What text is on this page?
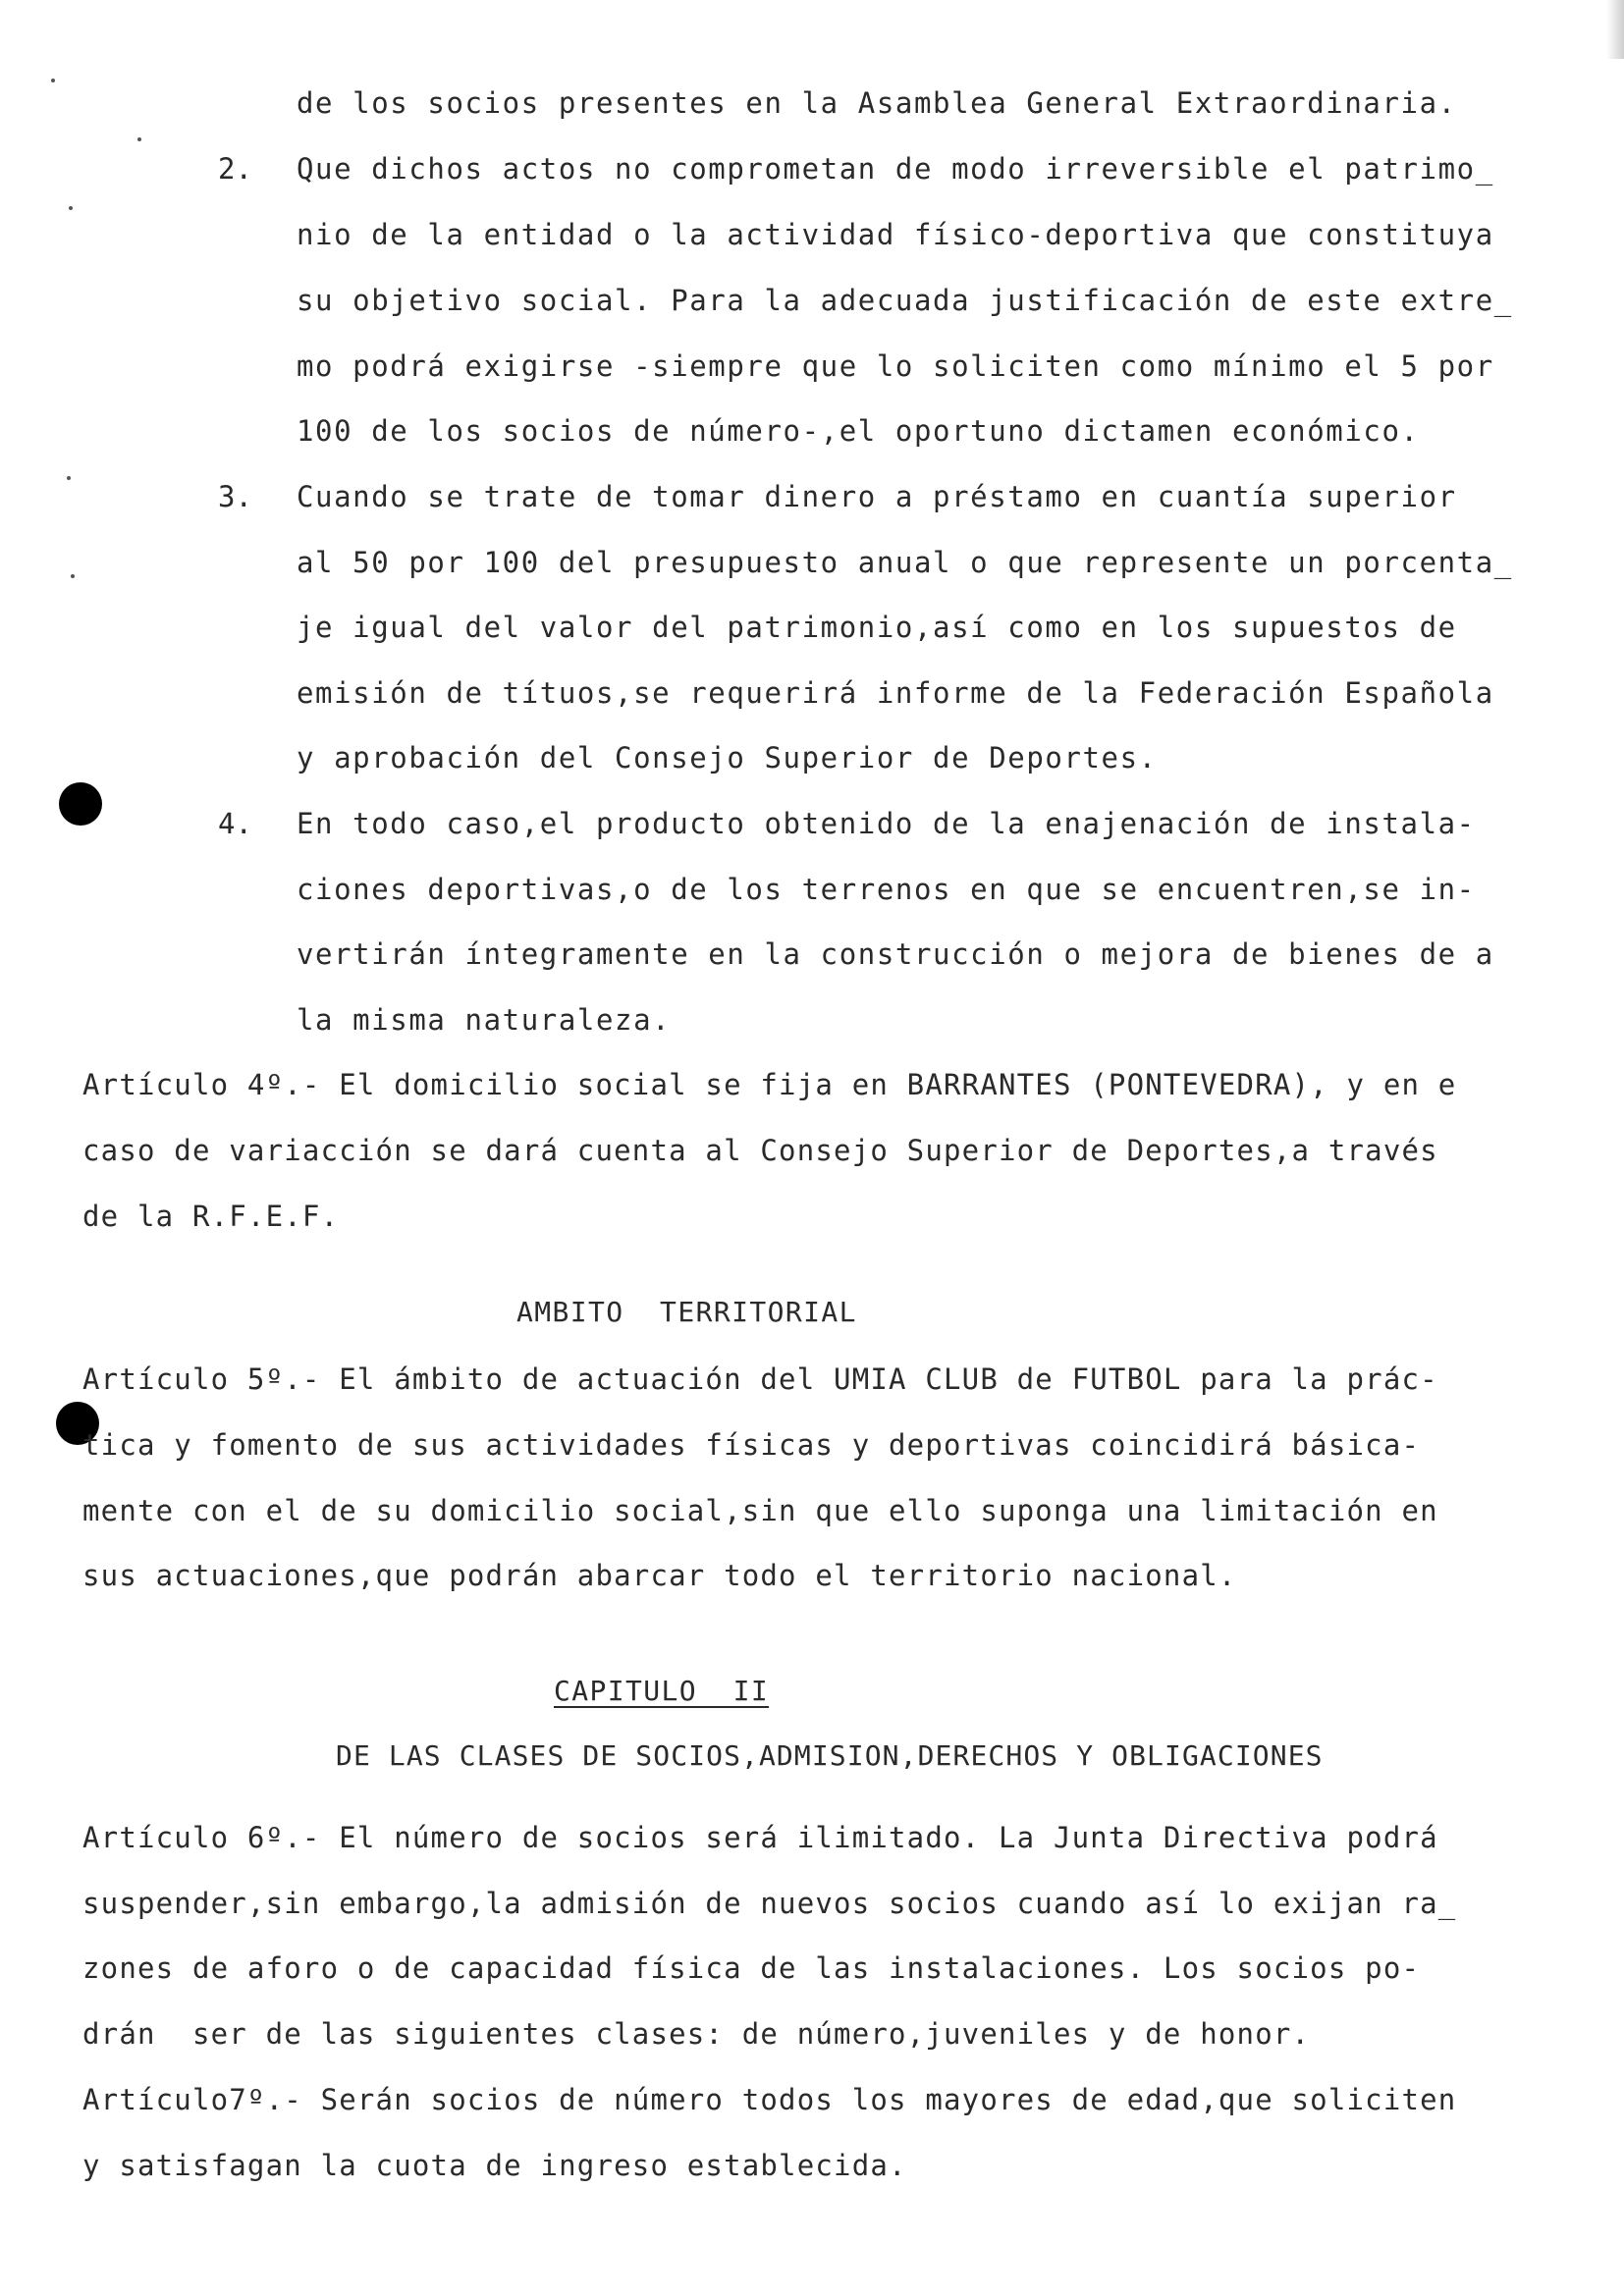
de los socios presentes en la Asamblea General Extraordinaria.
2. Que dichos actos no comprometan de modo irreversible el patrimo_
nio de la entidad o la actividad físico-deportiva que constituya
su objetivo social. Para la adecuada justificación de este extre_
mo podrá exigirse -siempre que lo soliciten como mínimo el 5 por
100 de los socios de número-,el oportuno dictamen económico.
3. Cuando se trate de tomar dinero a préstamo en cuantía superior
al 50 por 100 del presupuesto anual o que represente un porcenta_
je igual del valor del patrimonio,así como en los supuestos de
emisión de títuos,se requerirá informe de la Federación Española
y aprobación del Consejo Superior de Deportes.
4. En todo caso,el producto obtenido de la enajenación de instala-
ciones deportivas,o de los terrenos en que se encuentren,se in-
vertirán íntegramente en la construcción o mejora de bienes de a
la misma naturaleza.
Artículo 4º.- El domicilio social se fija en BARRANTES (PONTEVEDRA), y en e
caso de variacción se dará cuenta al Consejo Superior de Deportes,a través
de la R.F.E.F.
AMBITO  TERRITORIAL
Artículo 5º.- El ámbito de actuación del UMIA CLUB de FUTBOL para la prác-
tica y fomento de sus actividades físicas y deportivas coincidirá básica-
mente con el de su domicilio social,sin que ello suponga una limitación en
sus actuaciones,que podrán abarcar todo el territorio nacional.
CAPITULO  II
DE LAS CLASES DE SOCIOS,ADMISION,DERECHOS Y OBLIGACIONES
Artículo 6º.- El número de socios será ilimitado. La Junta Directiva podrá
suspender,sin embargo,la admisión de nuevos socios cuando así lo exijan ra_
zones de aforo o de capacidad física de las instalaciones. Los socios po-
drán  ser de las siguientes clases: de número,juveniles y de honor.
Artículo7º.- Serán socios de número todos los mayores de edad,que soliciten
y satisfagan la cuota de ingreso establecida.
